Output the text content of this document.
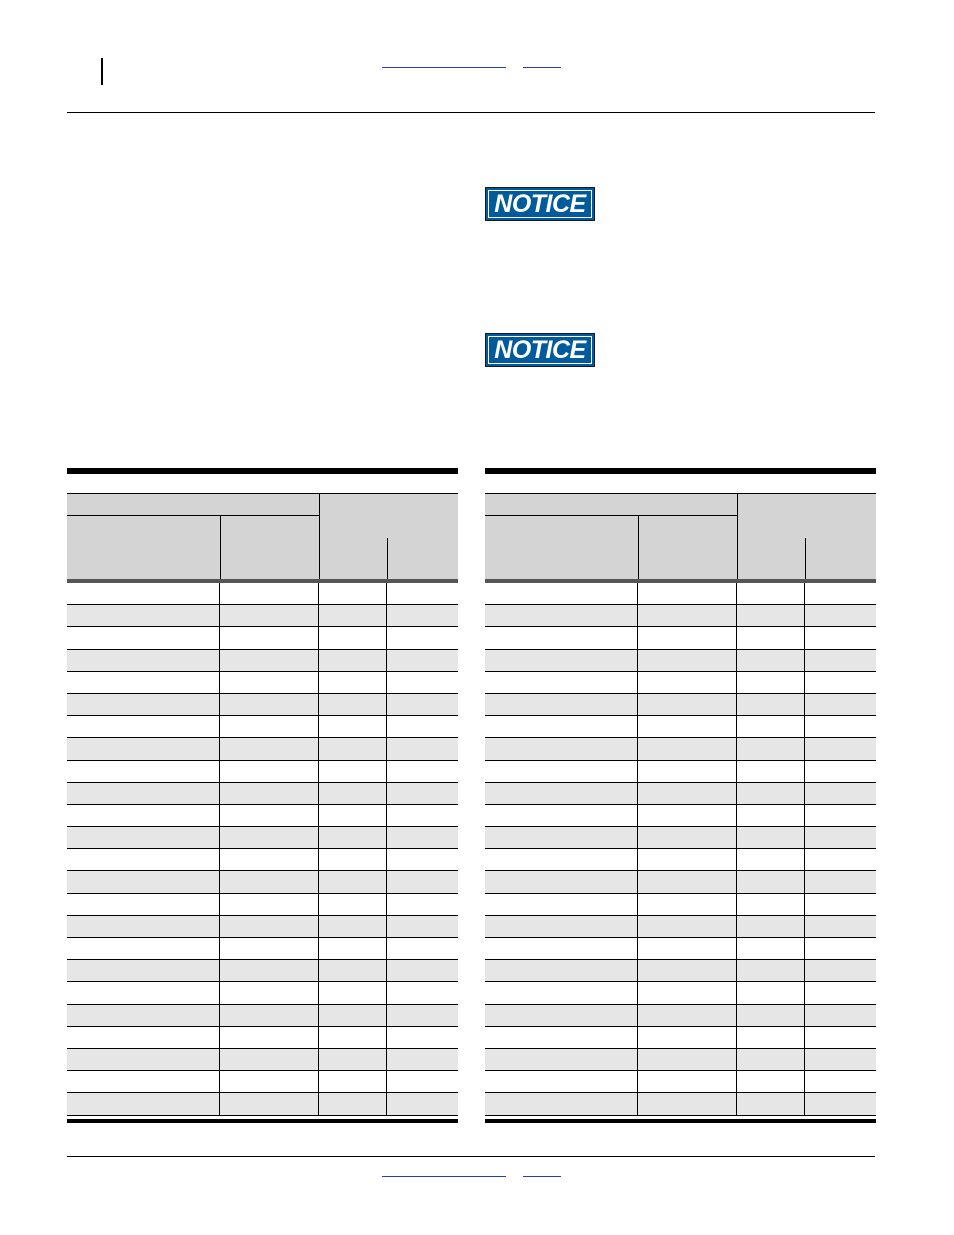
NOTICE
NOTICE
